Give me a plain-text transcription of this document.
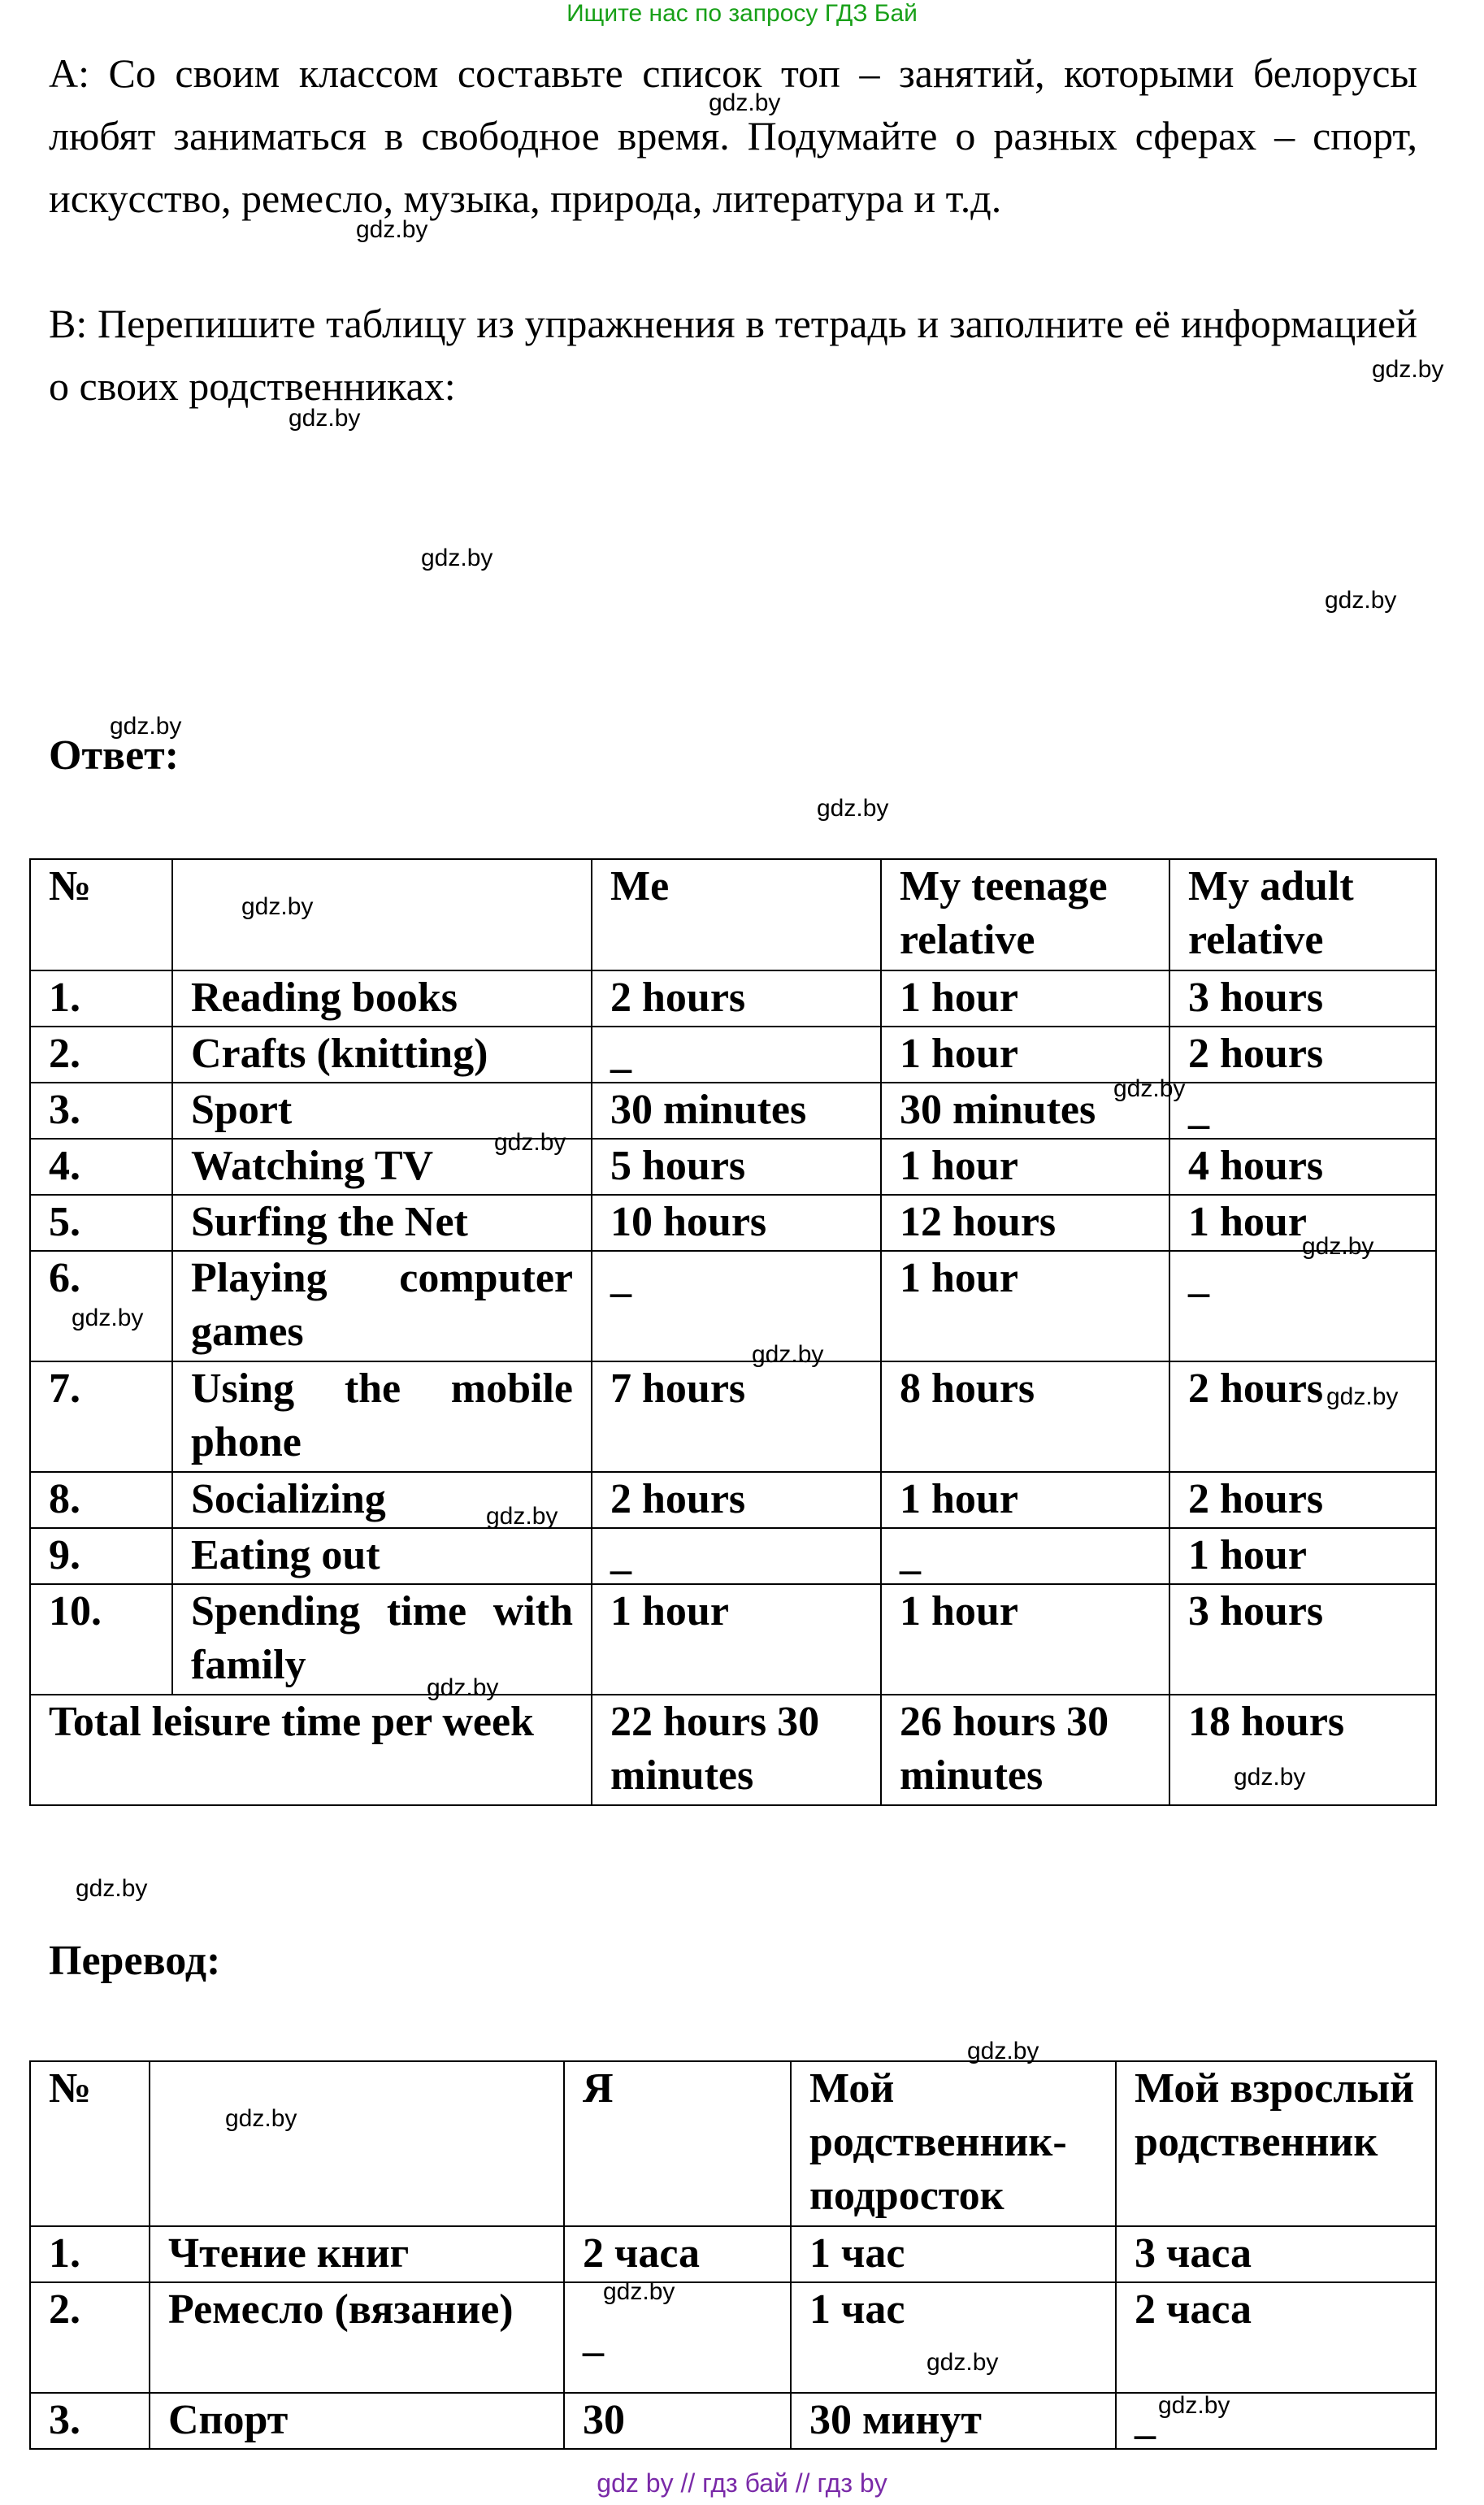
Ищите нас по запросу ГДЗ Бай

A: Со своим классом составьте список топ – занятий, которыми белорусы любят заниматься в свободное время. Подумайте о разных сферах – спорт, искусство, ремесло, музыка, природа, литература и т.д.

B: Перепишите таблицу из упражнения в тетрадь и заполните её информацией о своих родственниках:

Ответ:

№		Me	My teenage relative	My adult relative
1.	Reading books	2 hours	1 hour	3 hours
2.	Crafts (knitting)	_	1 hour	2 hours
3.	Sport	30 minutes	30 minutes	_
4.	Watching TV	5 hours	1 hour	4 hours
5.	Surfing the Net	10 hours	12 hours	1 hour
6.	Playing computer games	_	1 hour	_
7.	Using the mobile phone	7 hours	8 hours	2 hours
8.	Socializing	2 hours	1 hour	2 hours
9.	Eating out	_	_	1 hour
10.	Spending time with family	1 hour	1 hour	3 hours
Total leisure time per week		22 hours 30 minutes	26 hours 30 minutes	18 hours

Перевод:

№		Я	Мой родственник-подросток	Мой взрослый родственник
1.	Чтение книг	2 часа	1 час	3 часа
2.	Ремесло (вязание)	_	1 час	2 часа
3.	Спорт	30	30 минут	_
gdz.by
gdz.by
gdz.by
gdz.by
gdz.by
gdz.by
gdz.by
gdz.by
gdz.by
gdz.by
gdz.by
gdz.by
gdz.by
gdz.by
gdz.by
gdz.by
gdz.by
gdz.by
gdz.by
gdz.by
gdz.by
gdz.by
gdz.by
gdz.by
gdz by // гдз бай // гдз by
